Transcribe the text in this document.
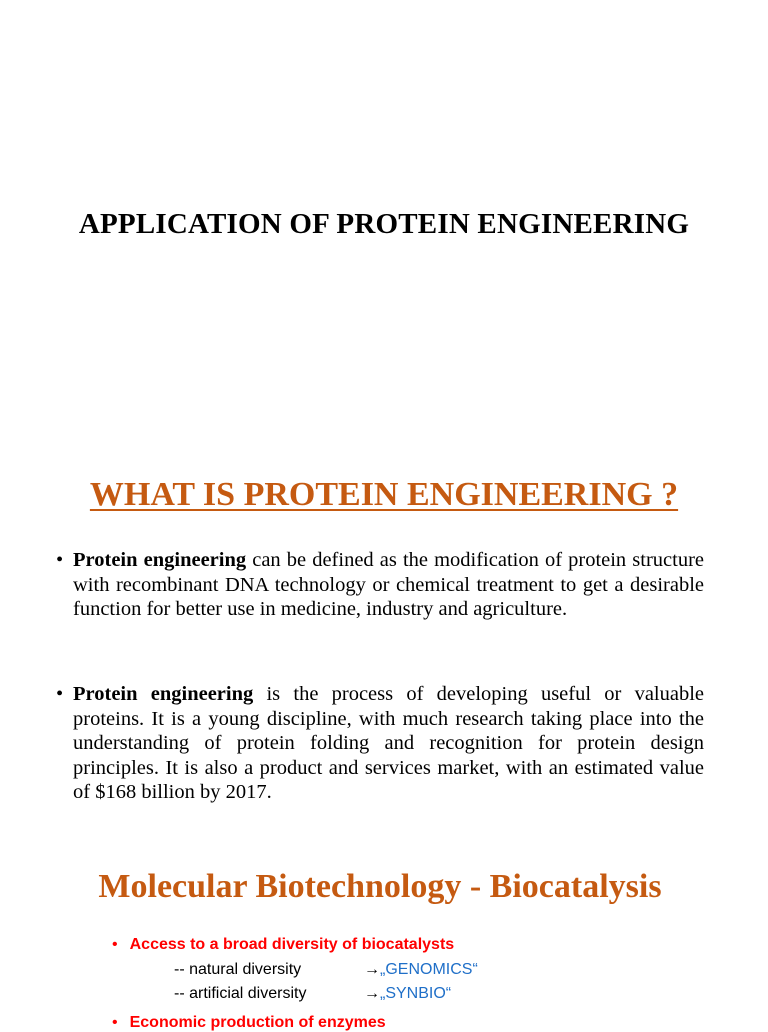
APPLICATION OF PROTEIN ENGINEERING
WHAT IS PROTEIN ENGINEERING ?
• Protein engineering can be defined as the modification of protein structure with recombinant DNA technology or chemical treatment to get a desirable function for better use in medicine, industry and agriculture.
• Protein engineering is the process of developing useful or valuable proteins. It is a young discipline, with much research taking place into the understanding of protein folding and recognition for protein design principles. It is also a product and services market, with an estimated value of $168 billion by 2017.
Molecular Biotechnology - Biocatalysis
• Access to a broad diversity of biocatalysts
-- natural diversity	→„GENOMICS“
-- artificial diversity	→„SYNBIO“
• Economic production of enzymes
